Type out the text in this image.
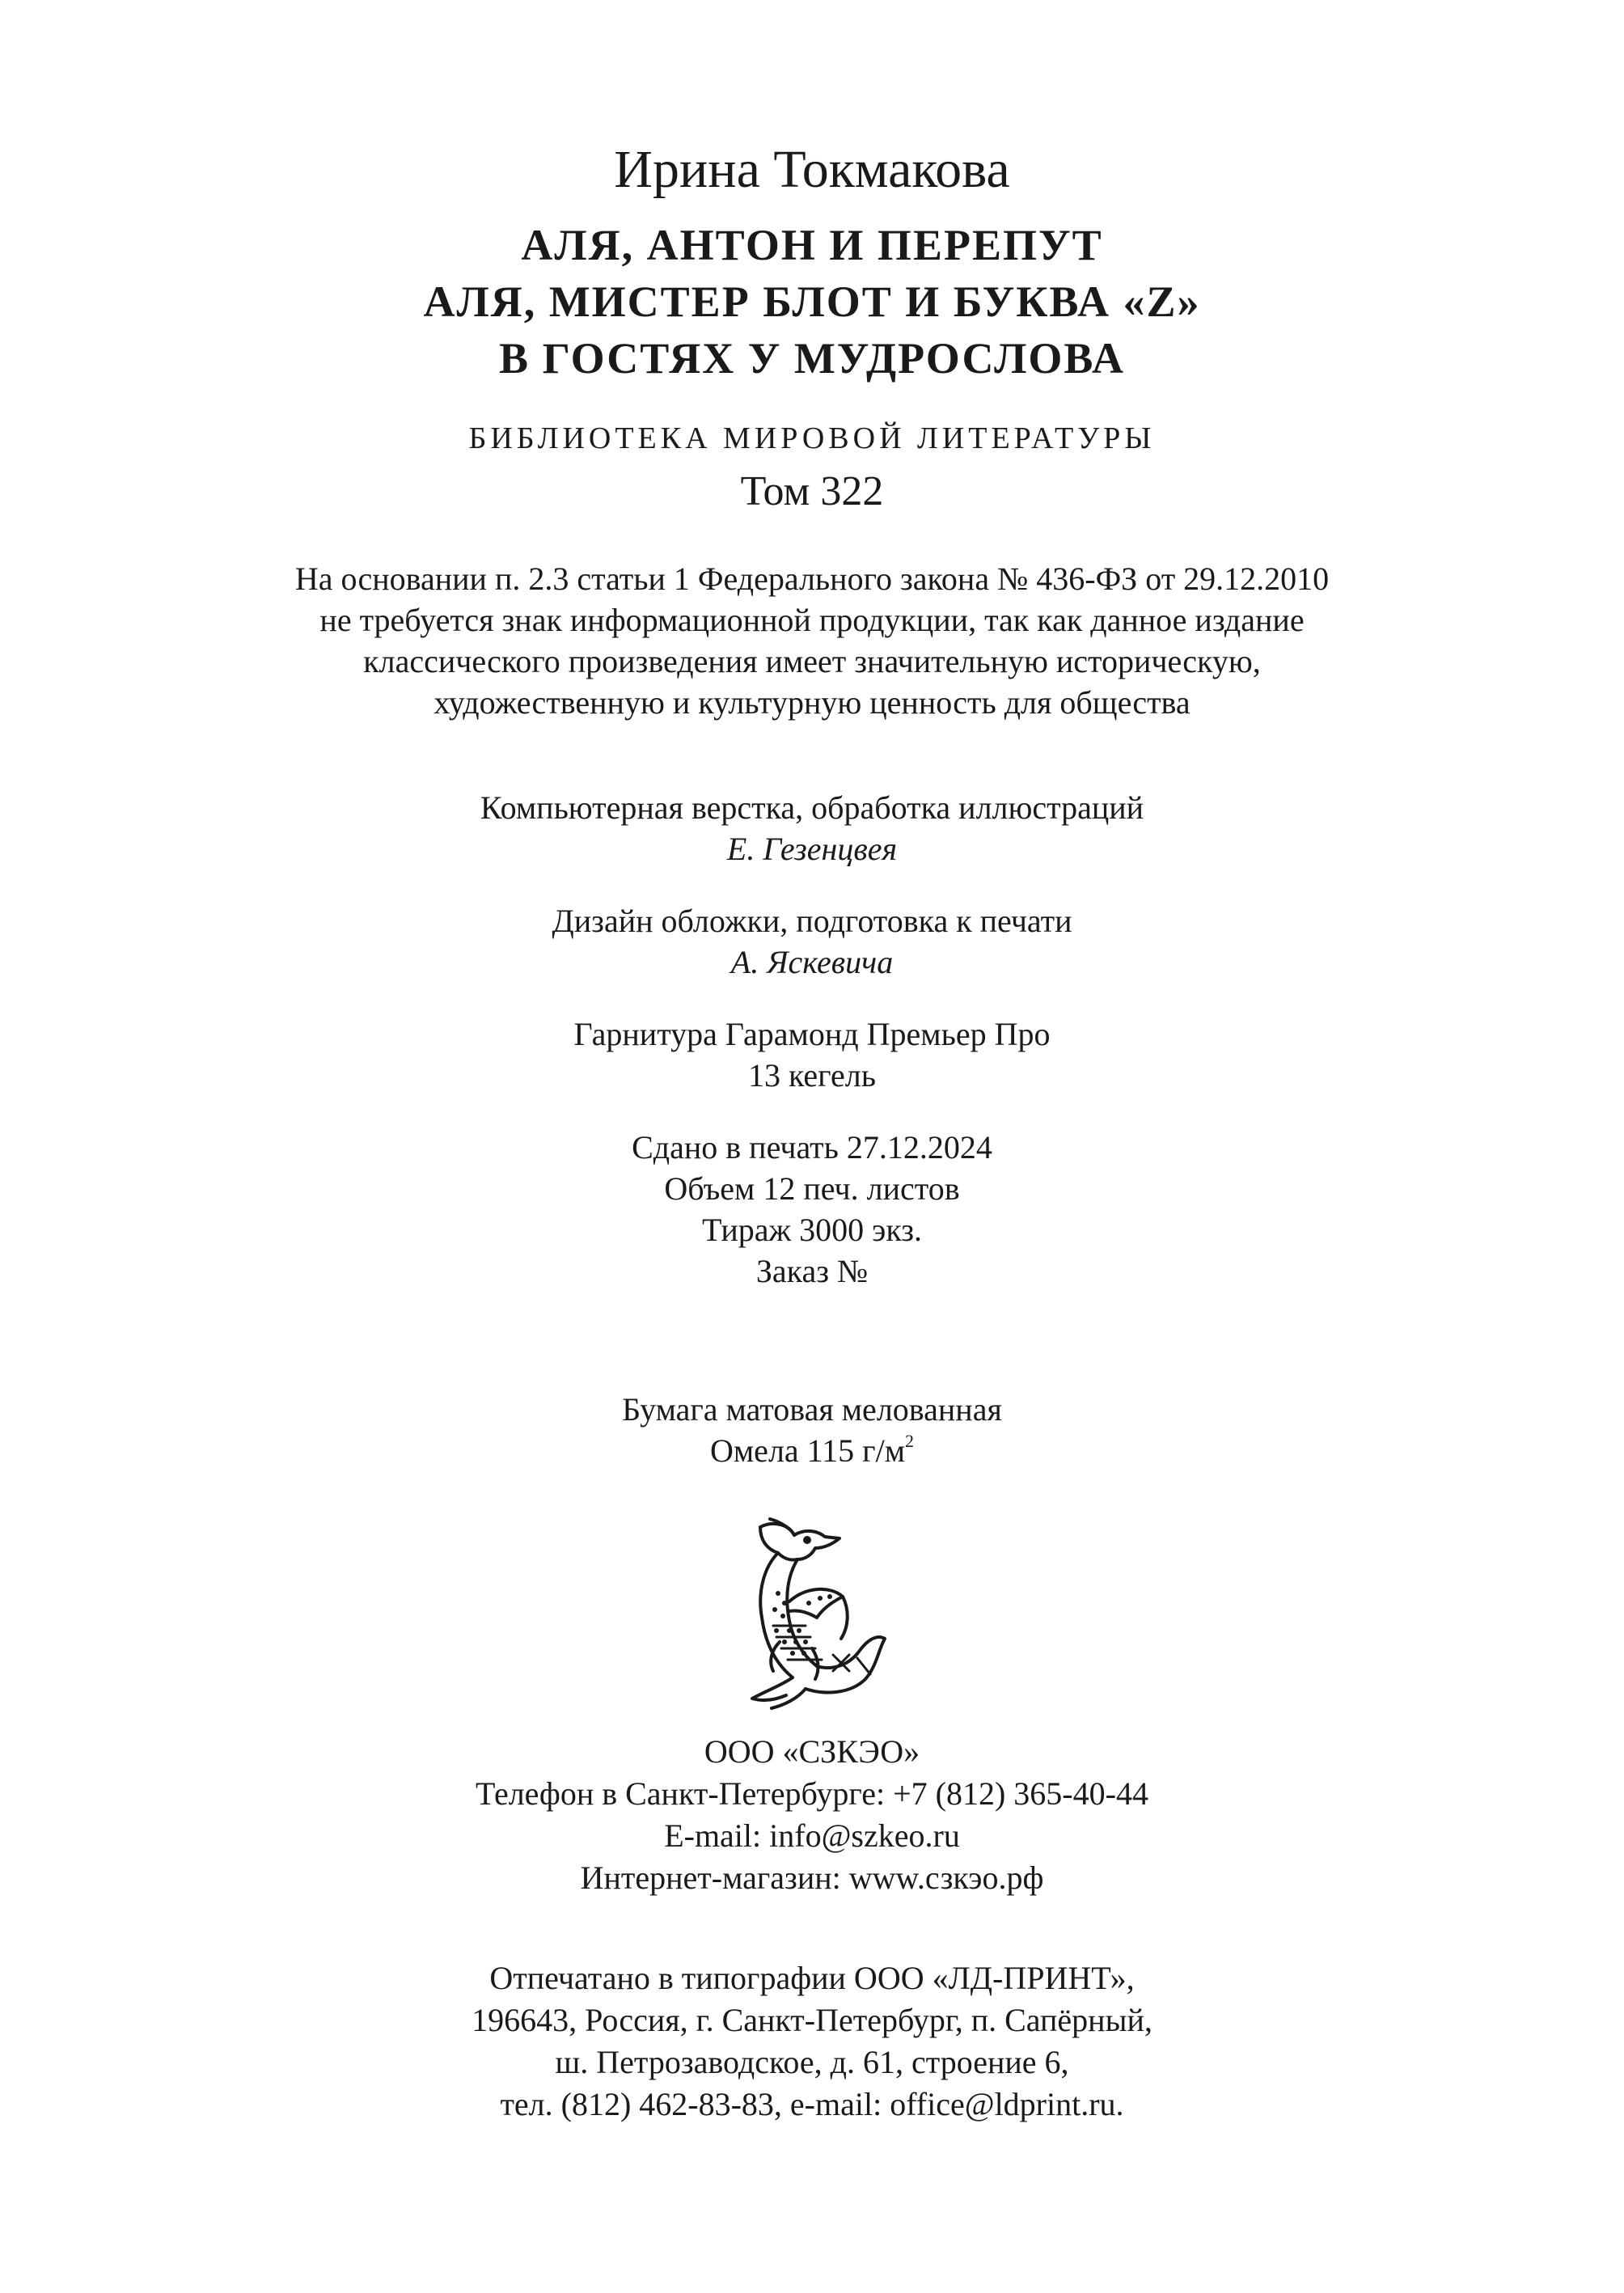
Ирина Токмакова
АЛЯ, АНТОН И ПЕРЕПУТ
АЛЯ, МИСТЕР БЛОТ И БУКВА «Z»
В ГОСТЯХ У МУДРОСЛОВА
БИБЛИОТЕКА МИРОВОЙ ЛИТЕРАТУРЫ
Том 322
На основании п. 2.3 статьи 1 Федерального закона № 436-ФЗ от 29.12.2010
не требуется знак информационной продукции, так как данное издание
классического произведения имеет значительную историческую,
художественную и культурную ценность для общества
Компьютерная верстка, обработка иллюстраций
Е. Гезенцвея
Дизайн обложки, подготовка к печати
А. Яскевича
Гарнитура Гарамонд Премьер Про
13 кегель
Сдано в печать 27.12.2024
Объем 12 печ. листов
Тираж 3000 экз.
Заказ №
Бумага матовая мелованная
Омела 115 $г/м^2$
ООО «СЗКЭО»
Телефон в Санкт-Петербурге: +7 (812) 365-40-44
E-mail: info@szkeo.ru
Интернет-магазин: www.сзкэо.рф
Отпечатано в типографии ООО «ЛД-ПРИНТ»,
196643, Россия, г. Санкт-Петербург, п. Сапёрный,
ш. Петрозаводское, д. 61, строение 6,
тел. (812) 462-83-83, e-mail: office@ldprint.ru.
